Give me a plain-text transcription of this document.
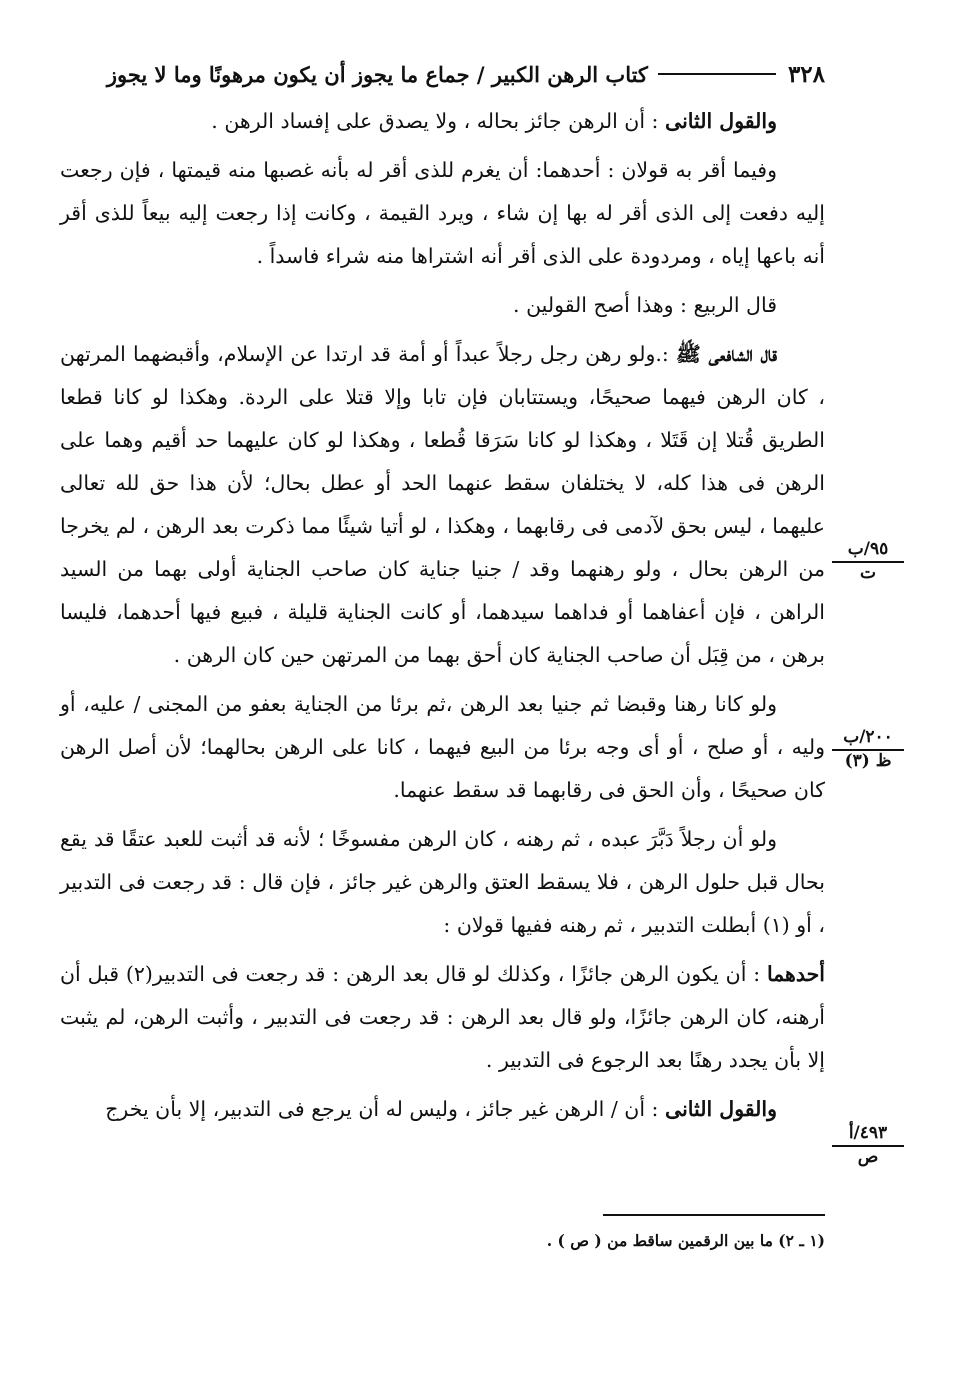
٣٢٨
كتاب الرهن الكبير / جماع ما يجوز أن يكون مرهونًا وما لا يجوز

والقول الثانى : أن الرهن جائز بحاله ، ولا يصدق على إفساد الرهن .

وفيما أقر به قولان : أحدهما: أن يغرم للذى أقر له بأنه غصبها منه قيمتها ، فإن رجعت إليه دفعت إلى الذى أقر له بها إن شاء ، ويرد القيمة ، وكانت إذا رجعت إليه بيعاً للذى أقر أنه باعها إياه ، ومردودة على الذى أقر أنه اشتراها منه شراء فاسداً .

قال الربيع : وهذا أصح القولين .

قال الشافعى ﷺ :.ولو رهن رجل رجلاً عبداً أو أمة قد ارتدا عن الإسلام، وأقبضهما المرتهن ، كان الرهن فيهما صحيحًا، ويستتابان فإن تابا وإلا قتلا على الردة. وهكذا لو كانا قطعا الطريق قُتلا إن قَتَلا ، وهكذا لو كانا سَرَقا قُطعا ، وهكذا لو كان عليهما حد أقيم وهما على الرهن فى هذا كله، لا يختلفان سقط عنهما الحد أو عطل بحال؛ لأن هذا حق لله تعالى عليهما ، ليس بحق لآدمى فى رقابهما ، وهكذا ، لو أتيا شيئًا مما ذكرت بعد الرهن ، لم يخرجا من الرهن بحال ، ولو رهنهما وقد / جنيا جناية كان صاحب الجناية أولى بهما من السيد الراهن ، فإن أعفاهما أو فداهما سيدهما، أو كانت الجناية قليلة ، فبيع فيها أحدهما، فليسا برهن ، من قِبَل أن صاحب الجناية كان أحق بهما من المرتهن حين كان الرهن .

ولو كانا رهنا وقبضا ثم جنيا بعد الرهن ،ثم برئا من الجناية بعفو من المجنى / عليه، أو وليه ، أو صلح ، أو أى وجه برئا من البيع فيهما ، كانا على الرهن بحالهما؛ لأن أصل الرهن كان صحيحًا ، وأن الحق فى رقابهما قد سقط عنهما.

ولو أن رجلاً دَبَّرَ عبده ، ثم رهنه ، كان الرهن مفسوخًا ؛ لأنه قد أثبت للعبد عتقًا قد يقع بحال قبل حلول الرهن ، فلا يسقط العتق والرهن غير جائز ، فإن قال : قد رجعت فى التدبير ، أو (١) أبطلت التدبير ، ثم رهنه ففيها قولان :

أحدهما : أن يكون الرهن جائزًا ، وكذلك لو قال بعد الرهن : قد رجعت فى التدبير(٢) قبل أن أرهنه، كان الرهن جائزًا، ولو قال بعد الرهن : قد رجعت فى التدبير ، وأثبت الرهن، لم يثبت إلا بأن يجدد رهنًا بعد الرجوع فى التدبير .

والقول الثانى : أن / الرهن غير جائز ، وليس له أن يرجع فى التدبير، إلا بأن يخرج

٩٥/ب
ت
٢٠٠/ب
ظ (٣)
٤٩٣/أ
ص
(١ ـ ٢) ما بين الرقمين ساقط من ( ص ) .
